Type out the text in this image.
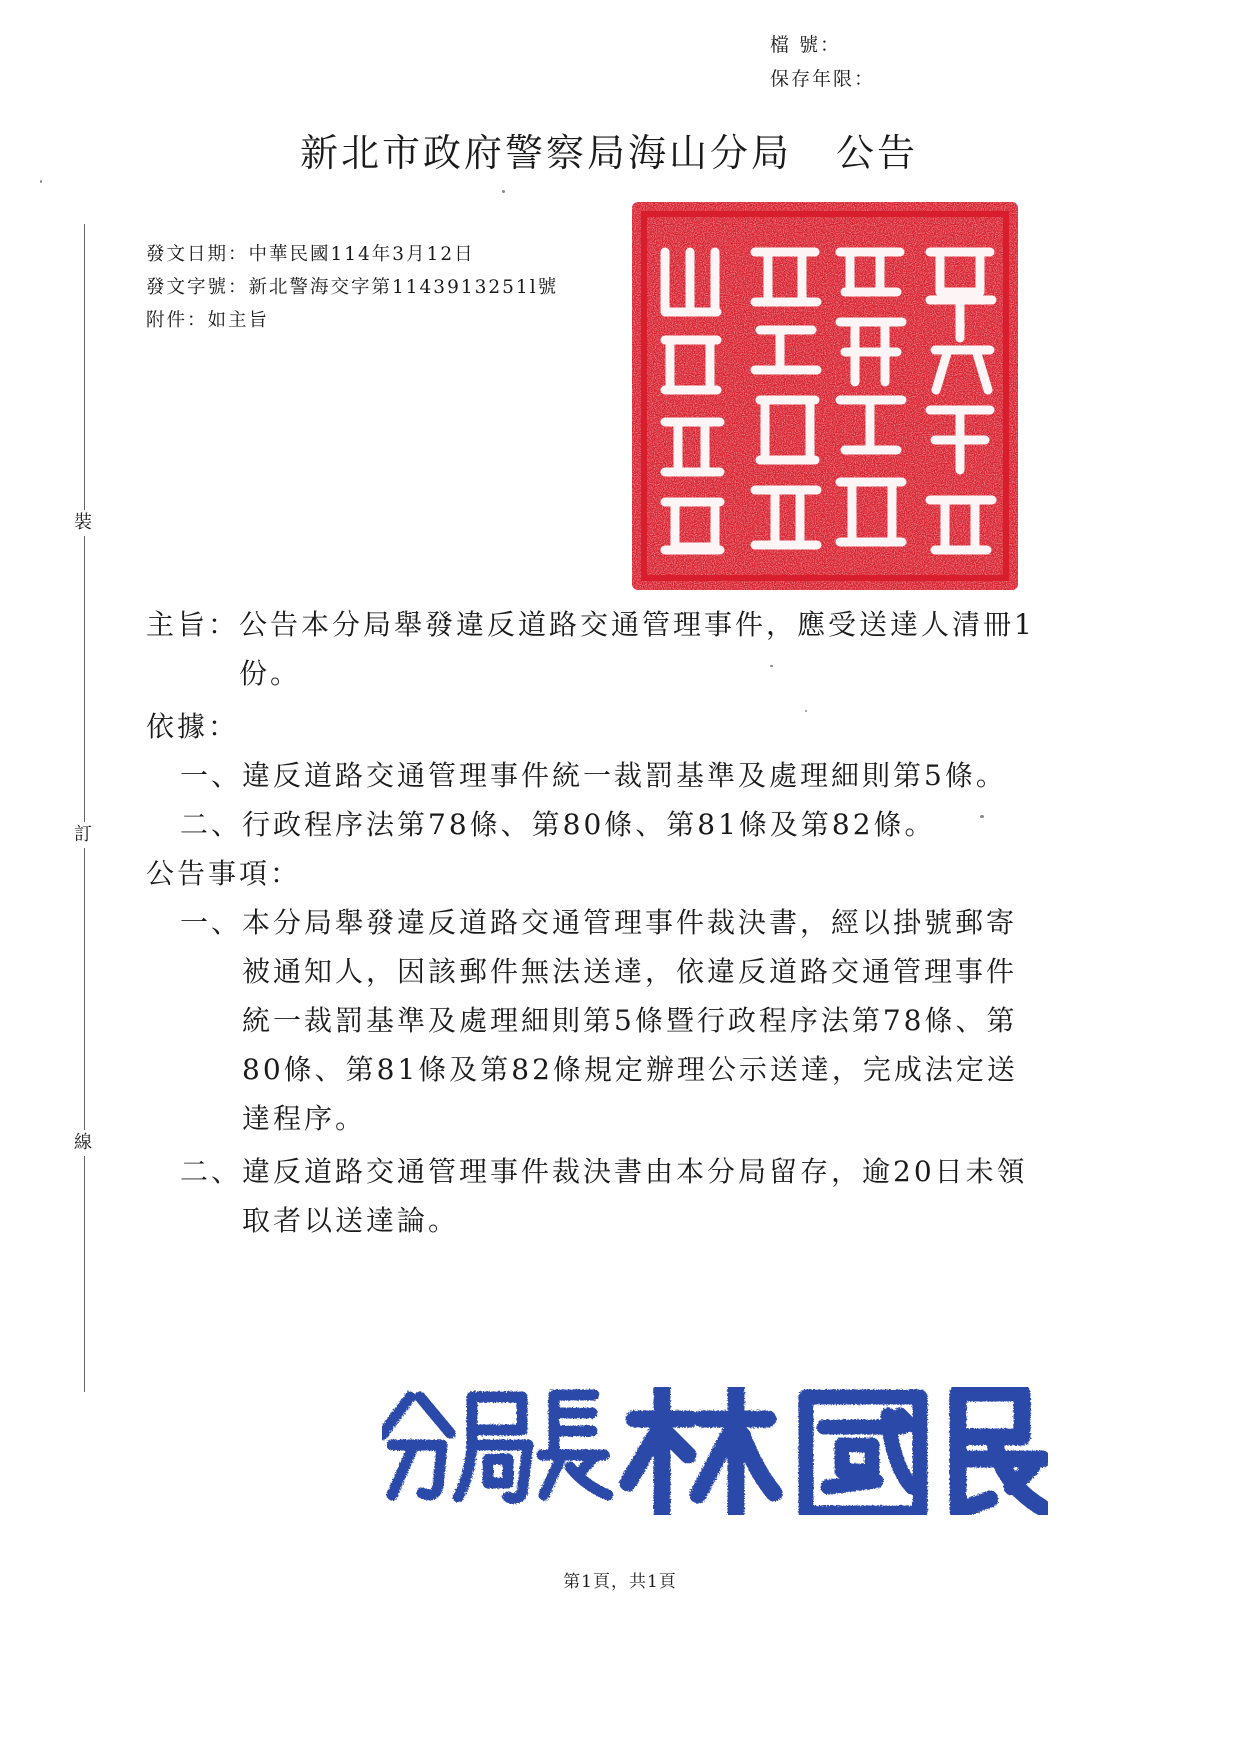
檔 號：
保存年限：
新北市政府警察局海山分局 公告
裝
訂
線
發文日期：中華民國114年3月12日
發文字號：新北警海交字第1143913251l號
附件：如主旨
主旨： 公告本分局舉發違反道路交通管理事件，應受送達人清冊1份。
依據：
一、 違反道路交通管理事件統一裁罰基準及處理細則第5條。
二、 行政程序法第78條、第80條、第81條及第82條。
公告事項：
一、 本分局舉發違反道路交通管理事件裁決書，經以掛號郵寄被通知人，因該郵件無法送達，依違反道路交通管理事件統一裁罰基準及處理細則第5條暨行政程序法第78條、第80條、第81條及第82條規定辦理公示送達，完成法定送達程序。
二、 違反道路交通管理事件裁決書由本分局留存，逾20日未領取者以送達論。
第1頁，共1頁
